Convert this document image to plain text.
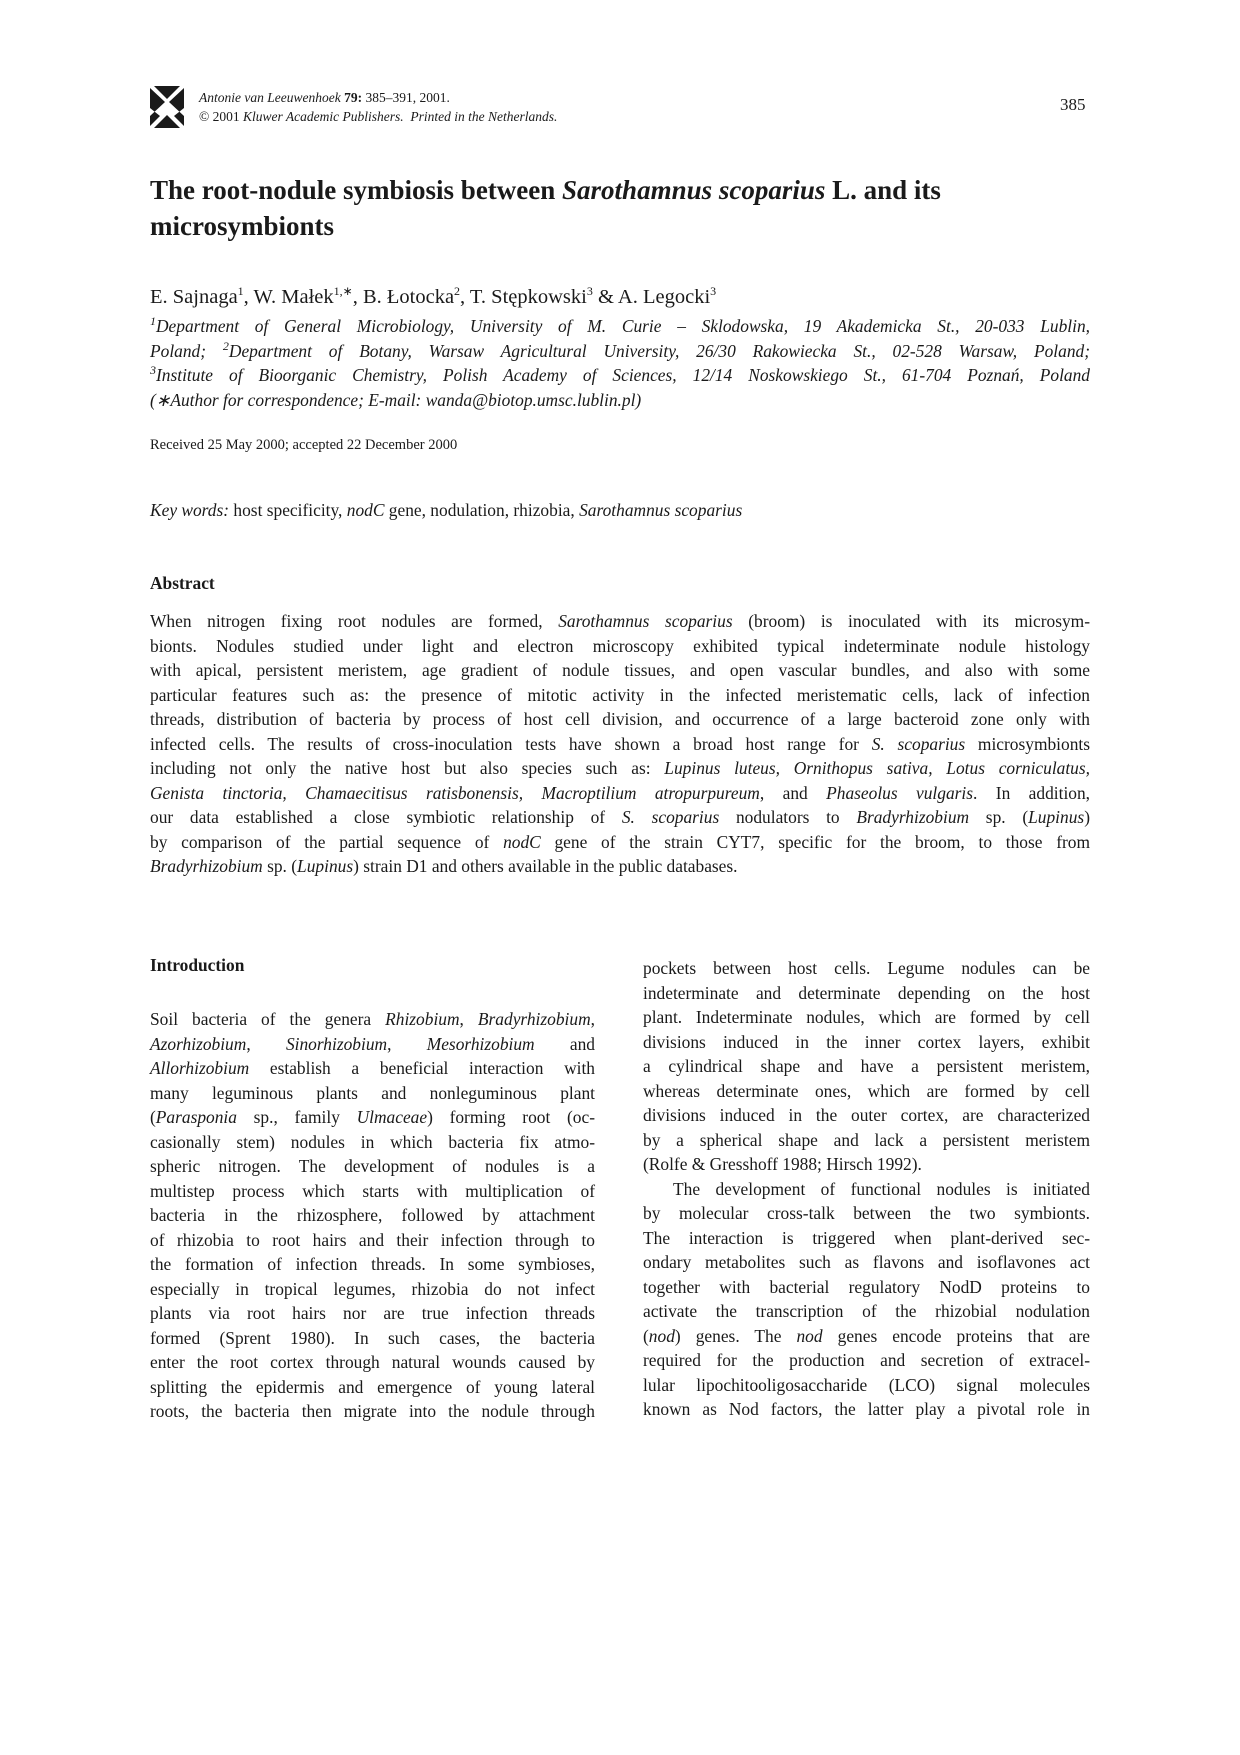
Antonie van Leeuwenhoek 79: 385–391, 2001.
© 2001 Kluwer Academic Publishers.  Printed in the Netherlands.
385
The root-nodule symbiosis between Sarothamnus scoparius L. and its
microsymbionts
E. Sajnaga$^1$, W. Małek$^{1,∗}$, B. Łotocka$^2$, T. Stępkowski$^3$ & A. Legocki$^3$
$^1$Department of General Microbiology, University of M. Curie – Sklodowska, 19 Akademicka St., 20-033 Lublin,
Poland; $^2$Department of Botany, Warsaw Agricultural University, 26/30 Rakowiecka St., 02-528 Warsaw, Poland;
$^3$Institute of Bioorganic Chemistry, Polish Academy of Sciences, 12/14 Noskowskiego St., 61-704 Poznań, Poland
(∗Author for correspondence; E-mail: wanda@biotop.umsc.lublin.pl)
Received 25 May 2000; accepted 22 December 2000
Key words: host specificity, nodC gene, nodulation, rhizobia, Sarothamnus scoparius
Abstract
When nitrogen fixing root nodules are formed, Sarothamnus scoparius (broom) is inoculated with its microsym-
bionts. Nodules studied under light and electron microscopy exhibited typical indeterminate nodule histology
with apical, persistent meristem, age gradient of nodule tissues, and open vascular bundles, and also with some
particular features such as: the presence of mitotic activity in the infected meristematic cells, lack of infection
threads, distribution of bacteria by process of host cell division, and occurrence of a large bacteroid zone only with
infected cells. The results of cross-inoculation tests have shown a broad host range for S. scoparius microsymbionts
including not only the native host but also species such as: Lupinus luteus, Ornithopus sativa, Lotus corniculatus,
Genista tinctoria, Chamaecitisus ratisbonensis, Macroptilium atropurpureum, and Phaseolus vulgaris. In addition,
our data established a close symbiotic relationship of S. scoparius nodulators to Bradyrhizobium sp. (Lupinus)
by comparison of the partial sequence of nodC gene of the strain CYT7, specific for the broom, to those from
Bradyrhizobium sp. (Lupinus) strain D1 and others available in the public databases.
Introduction
Soil bacteria of the genera Rhizobium, Bradyrhizobium,
Azorhizobium, Sinorhizobium, Mesorhizobium and
Allorhizobium establish a beneficial interaction with
many leguminous plants and nonleguminous plant
(Parasponia sp., family Ulmaceae) forming root (oc-
casionally stem) nodules in which bacteria fix atmo-
spheric nitrogen. The development of nodules is a
multistep process which starts with multiplication of
bacteria in the rhizosphere, followed by attachment
of rhizobia to root hairs and their infection through to
the formation of infection threads. In some symbioses,
especially in tropical legumes, rhizobia do not infect
plants via root hairs nor are true infection threads
formed (Sprent 1980). In such cases, the bacteria
enter the root cortex through natural wounds caused by
splitting the epidermis and emergence of young lateral
roots, the bacteria then migrate into the nodule through
pockets between host cells. Legume nodules can be
indeterminate and determinate depending on the host
plant. Indeterminate nodules, which are formed by cell
divisions induced in the inner cortex layers, exhibit
a cylindrical shape and have a persistent meristem,
whereas determinate ones, which are formed by cell
divisions induced in the outer cortex, are characterized
by a spherical shape and lack a persistent meristem
(Rolfe & Gresshoff 1988; Hirsch 1992).
The development of functional nodules is initiated
by molecular cross-talk between the two symbionts.
The interaction is triggered when plant-derived sec-
ondary metabolites such as flavons and isoflavones act
together with bacterial regulatory NodD proteins to
activate the transcription of the rhizobial nodulation
(nod) genes. The nod genes encode proteins that are
required for the production and secretion of extracel-
lular lipochitooligosaccharide (LCO) signal molecules
known as Nod factors, the latter play a pivotal role in
